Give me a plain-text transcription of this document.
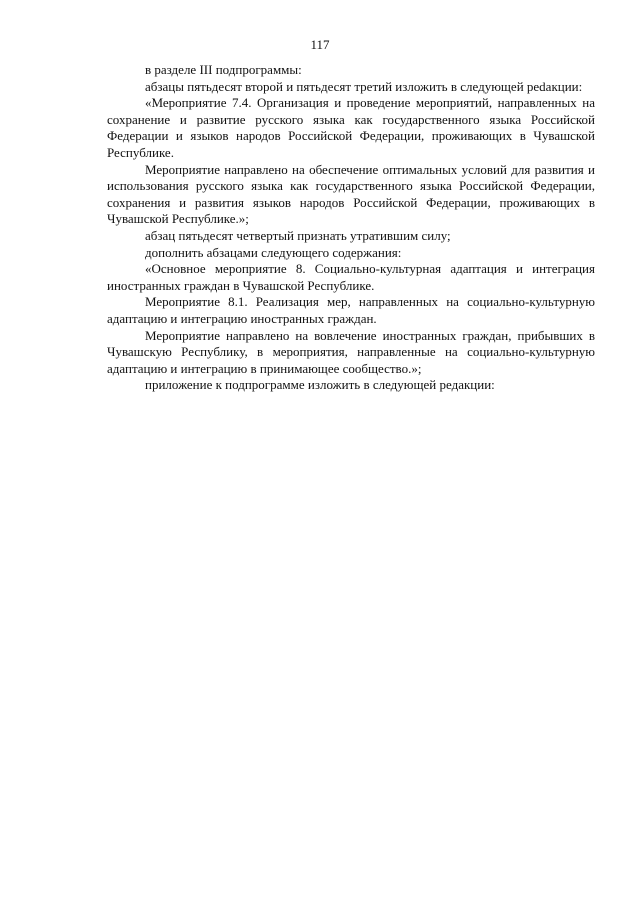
117

в разделе III подпрограммы:

абзацы пятьдесят второй и пятьдесят третий изложить в следующей реdакции:

«Мероприятие 7.4. Организация и проведение мероприятий, направленных на сохранение и развитие русского языка как государственного языка Российской Федерации и языков народов Российской Федерации, проживающих в Чувашской Республике.

Мероприятие направлено на обеспечение оптимальных условий для развития и использования русского языка как государственного языка Российской Федерации, сохранения и развития языков народов Российской Федерации, проживающих в Чувашской Республике.»;

абзац пятьдесят четвертый признать утратившим силу;

дополнить абзацами следующего содержания:

«Основное мероприятие 8. Социально-культурная адаптация и интеграция иностранных граждан в Чувашской Республике.

Мероприятие 8.1. Реализация мер, направленных на социально-культурную адаптацию и интеграцию иностранных граждан.

Мероприятие направлено на вовлечение иностранных граждан, прибывших в Чувашскую Республику, в мероприятия, направленные на социально-культурную адаптацию и интеграцию в принимающее сообщество.»;

приложение к подпрограмме изложить в следующей редакции:
